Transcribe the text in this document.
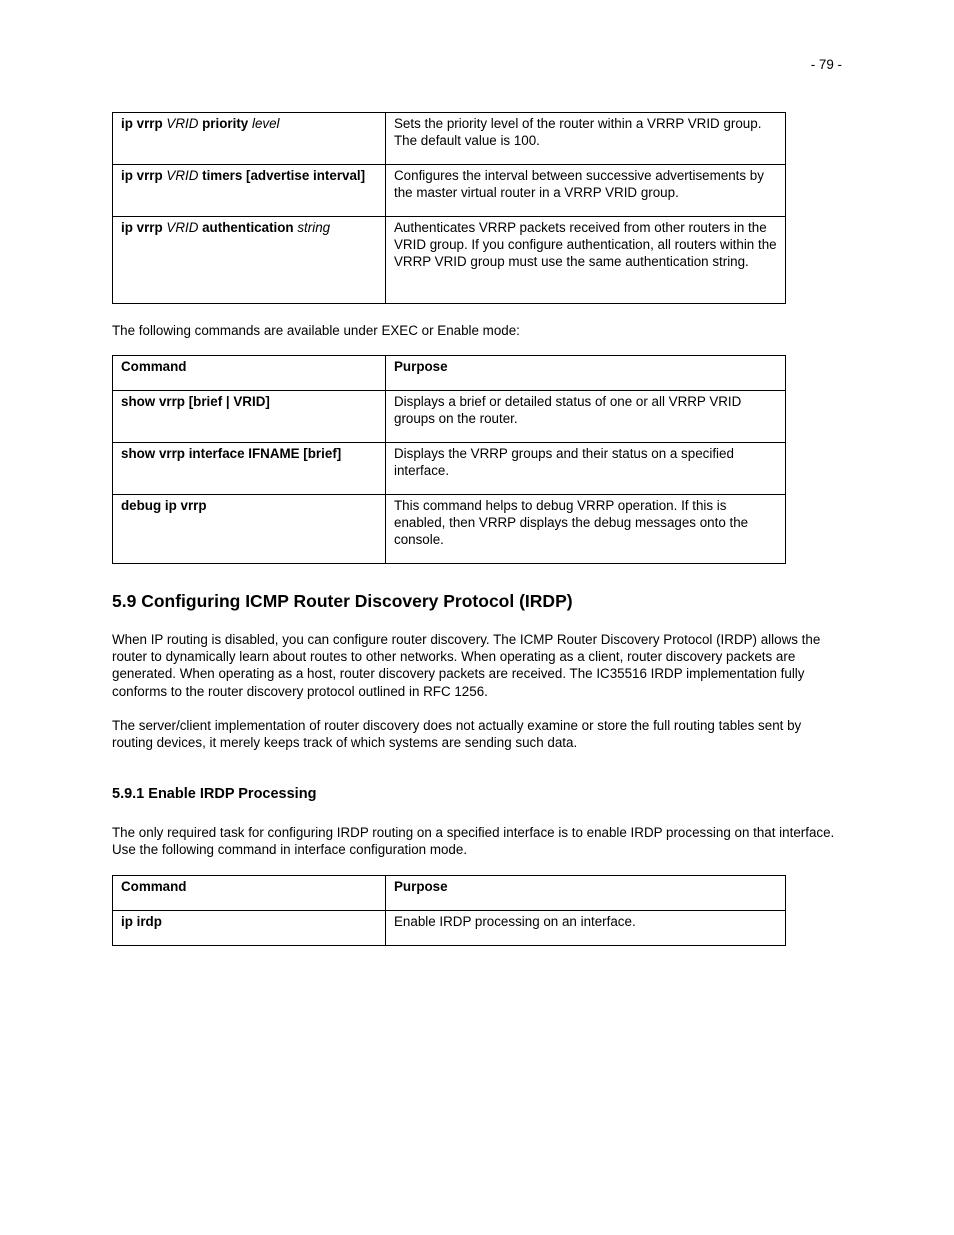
- 79 -
ip vrrp VRID priority level	Sets the priority level of the router within a VRRP VRID group. The default value is 100.
ip vrrp VRID timers [advertise interval]	Configures the interval between successive advertisements by the master virtual router in a VRRP VRID group.
ip vrrp VRID authentication string	Authenticates VRRP packets received from other routers in the VRID group. If you configure authentication, all routers within the VRRP VRID group must use the same authentication string.

The following commands are available under EXEC or Enable mode:

Command	Purpose
show vrrp [brief | VRID]	Displays a brief or detailed status of one or all VRRP VRID groups on the router.
show vrrp interface IFNAME [brief]	Displays the VRRP groups and their status on a specified interface.
debug ip vrrp	This command helps to debug VRRP operation. If this is enabled, then VRRP displays the debug messages onto the console.
5.9 Configuring ICMP Router Discovery Protocol (IRDP)

When IP routing is disabled, you can configure router discovery. The ICMP Router Discovery Protocol (IRDP) allows the router to dynamically learn about routes to other networks. When operating as a client, router discovery packets are generated. When operating as a host, router discovery packets are received. The IC35516 IRDP implementation fully conforms to the router discovery protocol outlined in RFC 1256.

The server/client implementation of router discovery does not actually examine or store the full routing tables sent by routing devices, it merely keeps track of which systems are sending such data.

5.9.1 Enable IRDP Processing

The only required task for configuring IRDP routing on a specified interface is to enable IRDP processing on that interface. Use the following command in interface configuration mode.

Command	Purpose
ip irdp	Enable IRDP processing on an interface.
